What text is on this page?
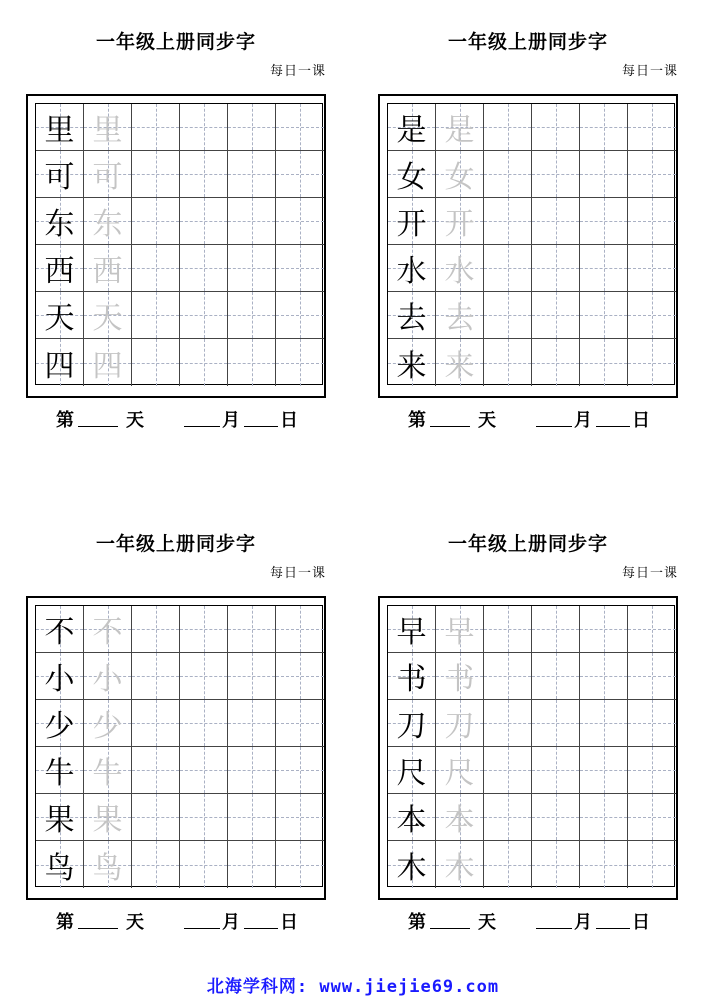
一年级上册同步字
每日一课
里 里
可 可
东 东
西 西
天 天
四 四
第	天	月 日
一年级上册同步字
每日一课
是 是
女 女
开 开
水 水
去 去
来 来
第	天	月 日
一年级上册同步字
每日一课
不 不
小 小
少 少
牛 牛
果 果
鸟 鸟
第	天	月 日
一年级上册同步字
每日一课
早 早
书 书
刀 刀
尺 尺
本 本
木 木
第	天	月 日
北海学科网: www.jiejie69.com
